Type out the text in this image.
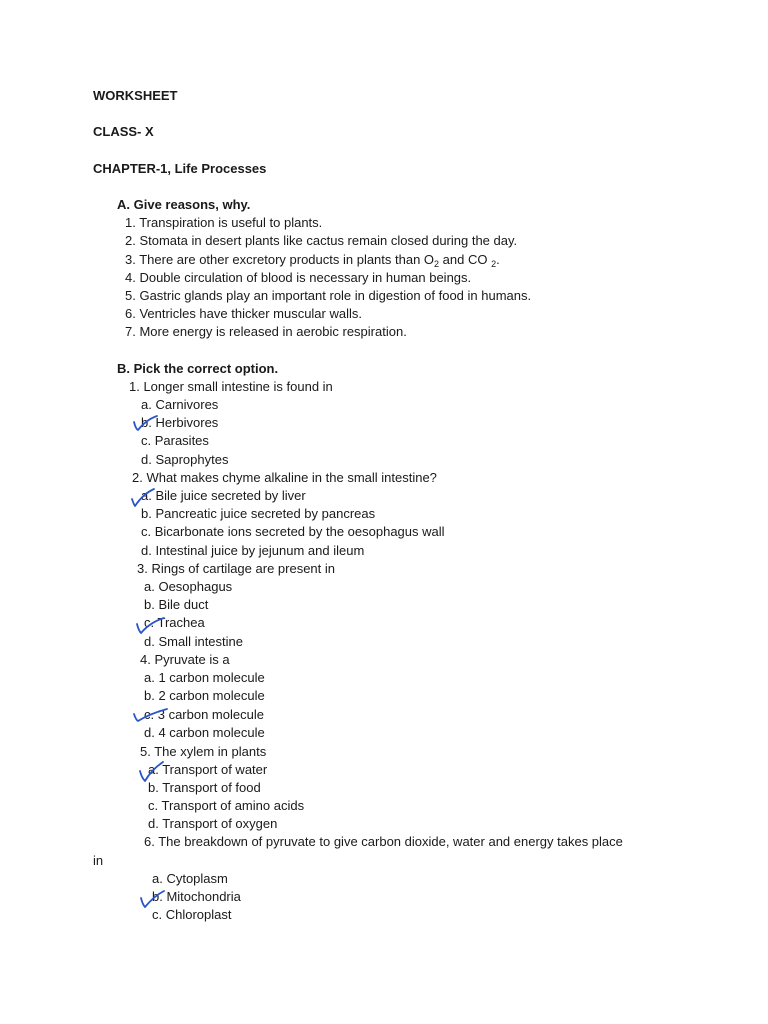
WORKSHEET
CLASS- X
CHAPTER-1, Life Processes
A. Give reasons, why.
1. Transpiration is useful to plants.
2. Stomata in desert plants like cactus remain closed during the day.
3. There are other excretory products in plants than $O_2$ and CO $_2$.
4. Double circulation of blood is necessary in human beings.
5. Gastric glands play an important role in digestion of food in humans.
6. Ventricles have thicker muscular walls.
7. More energy is released in aerobic respiration.
B. Pick the correct option.
1. Longer small intestine is found in
a. Carnivores
b. Herbivores
c. Parasites
d. Saprophytes
2. What makes chyme alkaline in the small intestine?
a. Bile juice secreted by liver
b. Pancreatic juice secreted by pancreas
c. Bicarbonate ions secreted by the oesophagus wall
d. Intestinal juice by jejunum and ileum
3. Rings of cartilage are present in
a. Oesophagus
b. Bile duct
c. Trachea
d. Small intestine
4. Pyruvate is a
a. 1 carbon molecule
b. 2 carbon molecule
c. 3 carbon molecule
d. 4 carbon molecule
5. The xylem in plants
a. Transport of water
b. Transport of food
c. Transport of amino acids
d. Transport of oxygen
6. The breakdown of pyruvate to give carbon dioxide, water and energy takes place
in
a. Cytoplasm
b. Mitochondria
c. Chloroplast
